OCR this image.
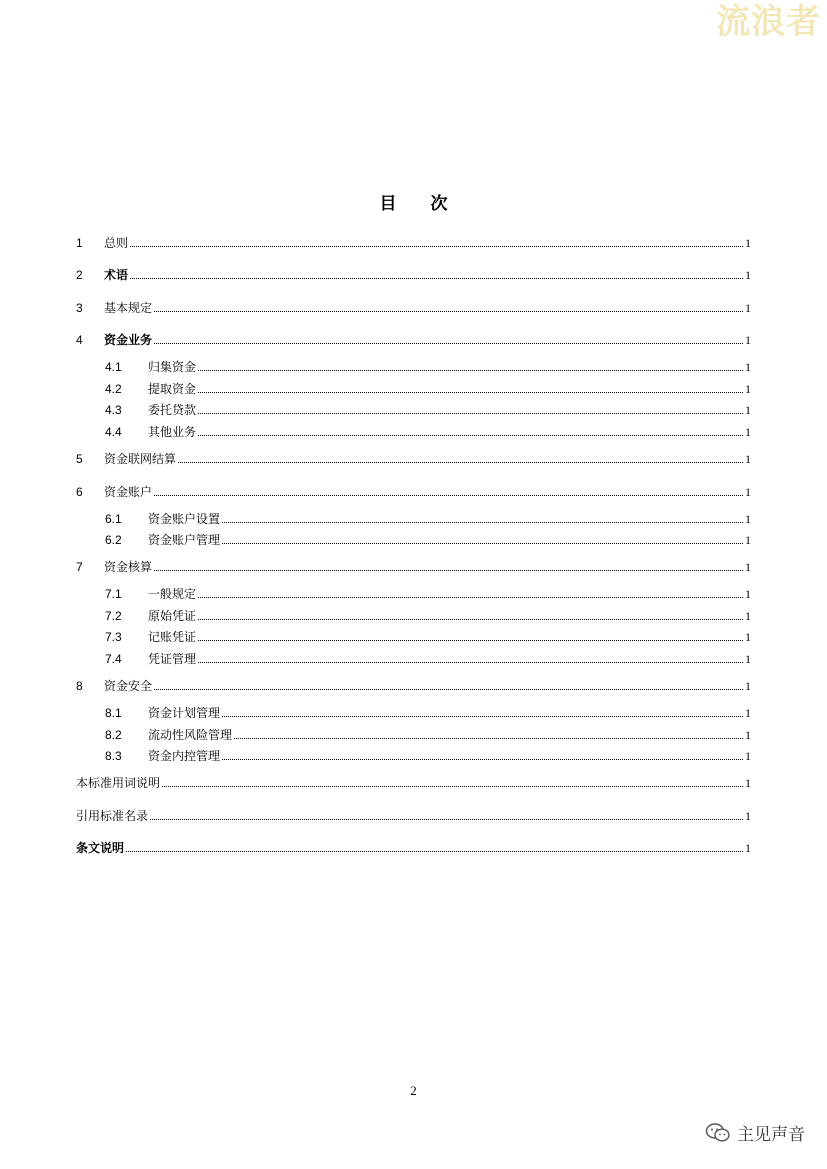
流浪者
目 次
1	总则	1
2	术语	1
3	基本规定	1
4	资金业务	1
4.1	归集资金	1
4.2	提取资金	1
4.3	委托贷款	1
4.4	其他业务	1
5	资金联网结算	1
6	资金账户	1
6.1	资金账户设置	1
6.2	资金账户管理	1
7	资金核算	1
7.1	一般规定	1
7.2	原始凭证	1
7.3	记账凭证	1
7.4	凭证管理	1
8	资金安全	1
8.1	资金计划管理	1
8.2	流动性风险管理	1
8.3	资金内控管理	1
本标准用词说明	1
引用标准名录	1
条文说明	1
2
主见声音
